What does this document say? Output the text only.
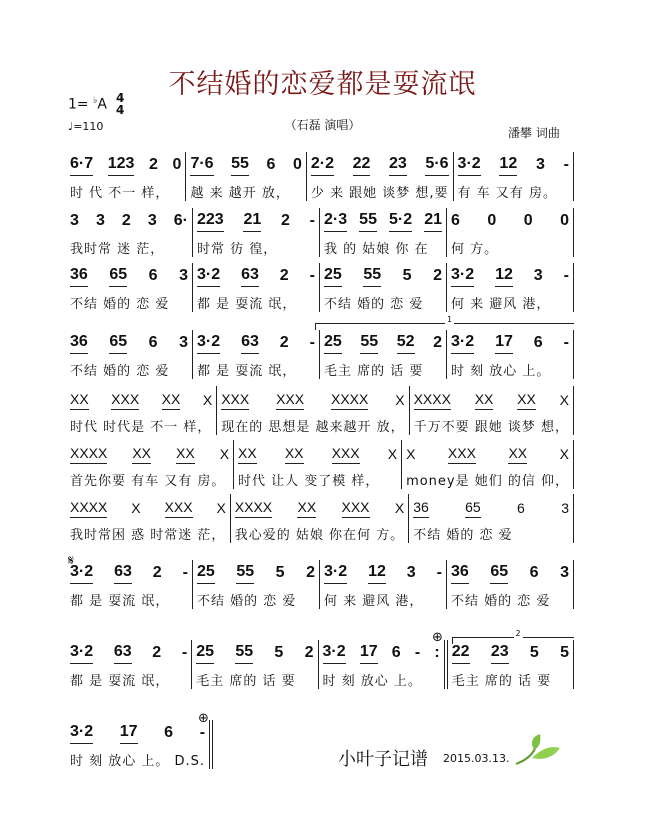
不结婚的恋爱都是耍流氓
1= ♭A 4
4
♩=110	（石磊 演唱）
潘攀 词曲
6·7 123 2 0
时 代 不一 样，
7·6 55 6 0
越 来 越开 放，
2·2 22 23 5·6
少 来 跟她 谈梦 想,要
3·2 12 3 -
有 车 又有 房。
3 3 2 3 6·
我时常 迷 茫，
223 21 2 -
时常 彷 徨，
2·3 55 5·2 21
我 的 姑娘 你 在
6 0 0 0
何 方。
36 65 6 3
不结 婚的 恋 爱
3·2 63 2 -
都 是 耍流 氓，
25 55 5 2
不结 婚的 恋 爱
3·2 12 3 -
何 来 避风 港，
36 65 6 3
不结 婚的 恋 爱
3·2 63 2 -
都 是 耍流 氓，
25 55 52 2
毛主 席的 话 要
3·2 17 6 -
时 刻 放心 上。
XX XXX XX X
时代 时代是 不一 样，
XXX XXX XXXX X
现在的 思想是 越来越开 放，
XXXX XX XX X
千万不要 跟她 谈梦 想，
XXXX XX XX X
首先你要 有车 又有 房。
XX XX XXX X
时代 让人 变了模 样，
X XXX XX X
money是 她们 的信 仰，
XXXX X XXX X
我时常困 惑 时常迷 茫，
XXXX XX XXX X
我心爱的 姑娘 你在何 方。
36	65	6	3
不结 婚的 恋 爱
3·2 63 2 -
都 是 耍流 氓，
25 55 5 2
不结 婚的 恋 爱
3·2 12 3 -
何 来 避风 港，
36 65 6 3
不结 婚的 恋 爱
3·2 63 2 -
都 是 耍流 氓，
25 55 5 2
毛主 席的 话 要
3·2 17 6 - :
时 刻 放心 上。
22 23 5 5
毛主 席的 话 要
3·2 17 6 -
时 刻 放心 上。 D.S.
1
2
𝄋
⊕
⊕
小叶子记谱 2015.03.13.
